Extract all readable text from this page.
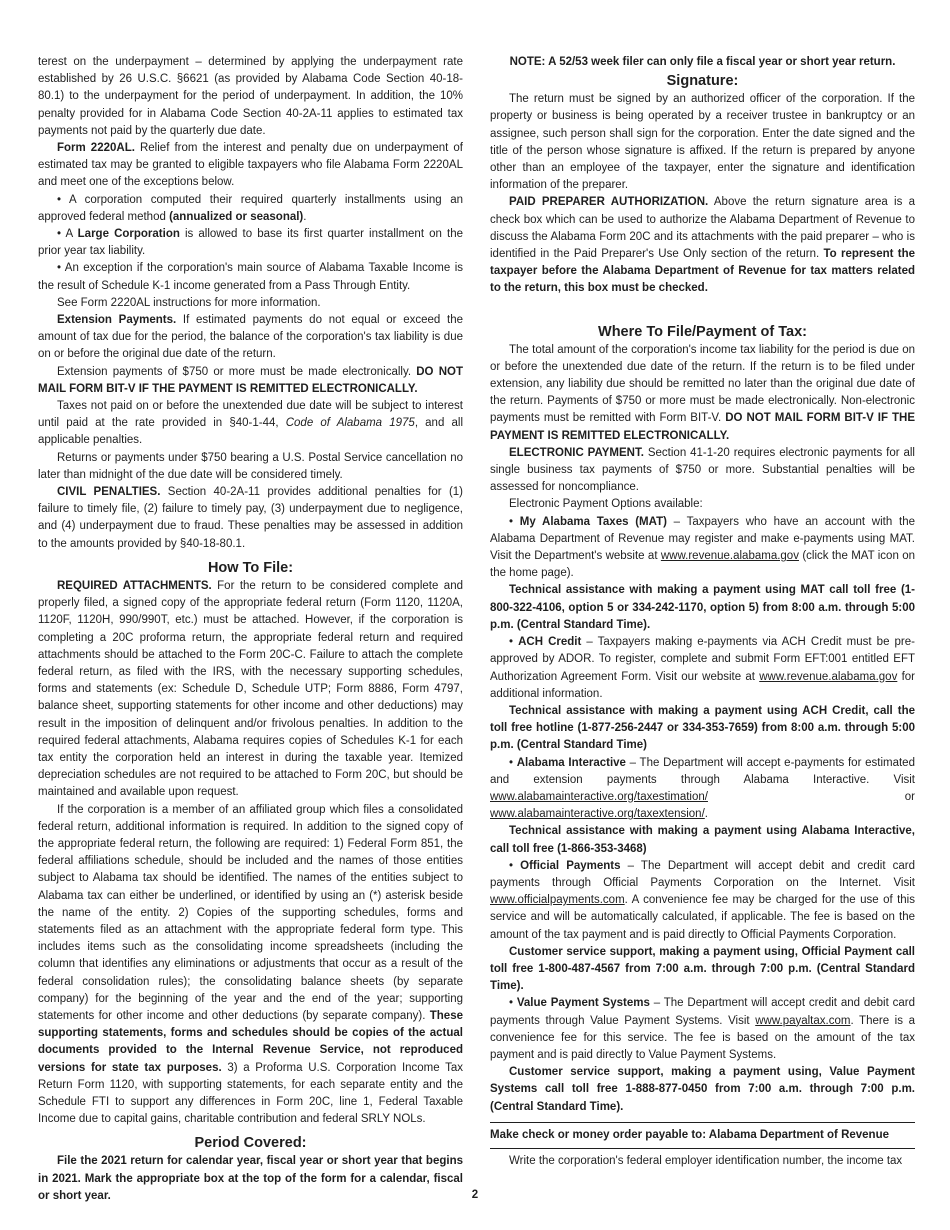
terest on the underpayment – determined by applying the underpayment rate established by 26 U.S.C. §6621 (as provided by Alabama Code Section 40-18-80.1) to the underpayment for the period of underpayment. In addition, the 10% penalty provided for in Alabama Code Section 40-2A-11 applies to estimated tax payments not paid by the quarterly due date.

Form 2220AL. Relief from the interest and penalty due on underpayment of estimated tax may be granted to eligible taxpayers who file Alabama Form 2220AL and meet one of the exceptions below.

• A corporation computed their required quarterly installments using an approved federal method (annualized or seasonal).

• A Large Corporation is allowed to base its first quarter installment on the prior year tax liability.

• An exception if the corporation's main source of Alabama Taxable Income is the result of Schedule K-1 income generated from a Pass Through Entity.

See Form 2220AL instructions for more information.

Extension Payments. If estimated payments do not equal or exceed the amount of tax due for the period, the balance of the corporation's tax liability is due on or before the original due date of the return.

Extension payments of $750 or more must be made electronically. DO NOT MAIL FORM BIT-V IF THE PAYMENT IS REMITTED ELECTRONICALLY.

Taxes not paid on or before the unextended due date will be subject to interest until paid at the rate provided in §40-1-44, Code of Alabama 1975, and all applicable penalties.

Returns or payments under $750 bearing a U.S. Postal Service cancellation no later than midnight of the due date will be considered timely.

CIVIL PENALTIES. Section 40-2A-11 provides additional penalties for (1) failure to timely file, (2) failure to timely pay, (3) underpayment due to negligence, and (4) underpayment due to fraud. These penalties may be assessed in addition to the amounts provided by §40-18-80.1.

How To File:

REQUIRED ATTACHMENTS. For the return to be considered complete and properly filed, a signed copy of the appropriate federal return (Form 1120, 1120A, 1120F, 1120H, 990/990T, etc.) must be attached. However, if the corporation is completing a 20C proforma return, the appropriate federal return and required attachments should be attached to the Form 20C-C. Failure to attach the complete federal return, as filed with the IRS, with the necessary supporting schedules, forms and statements (ex: Schedule D, Schedule UTP; Form 8886, Form 4797, balance sheet, supporting statements for other income and other deductions) may result in the imposition of delinquent and/or frivolous penalties. In addition to the required federal attachments, Alabama requires copies of Schedules K-1 for each tax entity the corporation held an interest in during the taxable year. Itemized depreciation schedules are not required to be attached to Form 20C, but should be maintained and available upon request.

If the corporation is a member of an affiliated group which files a consolidated federal return, additional information is required. In addition to the signed copy of the appropriate federal return, the following are required: 1) Federal Form 851, the federal affiliations schedule, should be included and the names of those entities subject to Alabama tax should be identified. The names of the entities subject to Alabama tax can either be underlined, or identified by using an (*) asterisk beside the name of the entity. 2) Copies of the supporting schedules, forms and statements filed as an attachment with the appropriate federal form type. This includes items such as the consolidating income spreadsheets (including the column that identifies any eliminations or adjustments that occur as a result of the federal consolidation rules); the consolidating balance sheets (by separate company) for the beginning of the year and the end of the year; supporting statements for other income and other deductions (by separate company). These supporting statements, forms and schedules should be copies of the actual documents provided to the Internal Revenue Service, not reproduced versions for state tax purposes. 3) a Proforma U.S. Corporation Income Tax Return Form 1120, with supporting statements, for each separate entity and the Schedule FTI to support any differences in Form 20C, line 1, Federal Taxable Income due to capital gains, charitable contribution and federal SRLY NOLs.

Period Covered:

File the 2021 return for calendar year, fiscal year or short year that begins in 2021. Mark the appropriate box at the top of the form for a calendar, fiscal or short year.

NOTE: A 52/53 week filer can only file a fiscal year or short year return.

Signature:

The return must be signed by an authorized officer of the corporation. If the property or business is being operated by a receiver trustee in bankruptcy or an assignee, such person shall sign for the corporation. Enter the date signed and the title of the person whose signature is affixed. If the return is prepared by anyone other than an employee of the taxpayer, enter the signature and identification information of the preparer.

PAID PREPARER AUTHORIZATION. Above the return signature area is a check box which can be used to authorize the Alabama Department of Revenue to discuss the Alabama Form 20C and its attachments with the paid preparer – who is identified in the Paid Preparer's Use Only section of the return. To represent the taxpayer before the Alabama Department of Revenue for tax matters related to the return, this box must be checked.

Where To File/Payment of Tax:

The total amount of the corporation's income tax liability for the period is due on or before the unextended due date of the return. If the return is to be filed under extension, any liability due should be remitted no later than the original due date of the return. Payments of $750 or more must be made electronically. Non-electronic payments must be remitted with Form BIT-V. DO NOT MAIL FORM BIT-V IF THE PAYMENT IS REMITTED ELECTRONICALLY.

ELECTRONIC PAYMENT. Section 41-1-20 requires electronic payments for all single business tax payments of $750 or more. Substantial penalties will be assessed for noncompliance.

Electronic Payment Options available:

• My Alabama Taxes (MAT) – Taxpayers who have an account with the Alabama Department of Revenue may register and make e-payments using MAT. Visit the Department's website at www.revenue.alabama.gov (click the MAT icon on the home page).

Technical assistance with making a payment using MAT call toll free (1-800-322-4106, option 5 or 334-242-1170, option 5) from 8:00 a.m. through 5:00 p.m. (Central Standard Time).

• ACH Credit – Taxpayers making e-payments via ACH Credit must be pre-approved by ADOR. To register, complete and submit Form EFT:001 entitled EFT Authorization Agreement Form. Visit our website at www.revenue.alabama.gov for additional information.

Technical assistance with making a payment using ACH Credit, call the toll free hotline (1-877-256-2447 or 334-353-7659) from 8:00 a.m. through 5:00 p.m. (Central Standard Time)

• Alabama Interactive – The Department will accept e-payments for estimated and extension payments through Alabama Interactive. Visit www.alabamainteractive.org/taxestimation/ or www.alabamainteractive.org/taxextension/.

Technical assistance with making a payment using Alabama Interactive, call toll free (1-866-353-3468)

• Official Payments – The Department will accept debit and credit card payments through Official Payments Corporation on the Internet. Visit www.officialpayments.com. A convenience fee may be charged for the use of this service and will be automatically calculated, if applicable. The fee is based on the amount of the tax payment and is paid directly to Official Payments Corporation.

Customer service support, making a payment using, Official Payment call toll free 1-800-487-4567 from 7:00 a.m. through 7:00 p.m. (Central Standard Time).

• Value Payment Systems – The Department will accept credit and debit card payments through Value Payment Systems. Visit www.payaltax.com. There is a convenience fee for this service. The fee is based on the amount of the tax payment and is paid directly to Value Payment Systems.

Customer service support, making a payment using, Value Payment Systems call toll free 1-888-877-0450 from 7:00 a.m. through 7:00 p.m. (Central Standard Time).

Make check or money order payable to: Alabama Department of Revenue

Write the corporation's federal employer identification number, the income tax

2
